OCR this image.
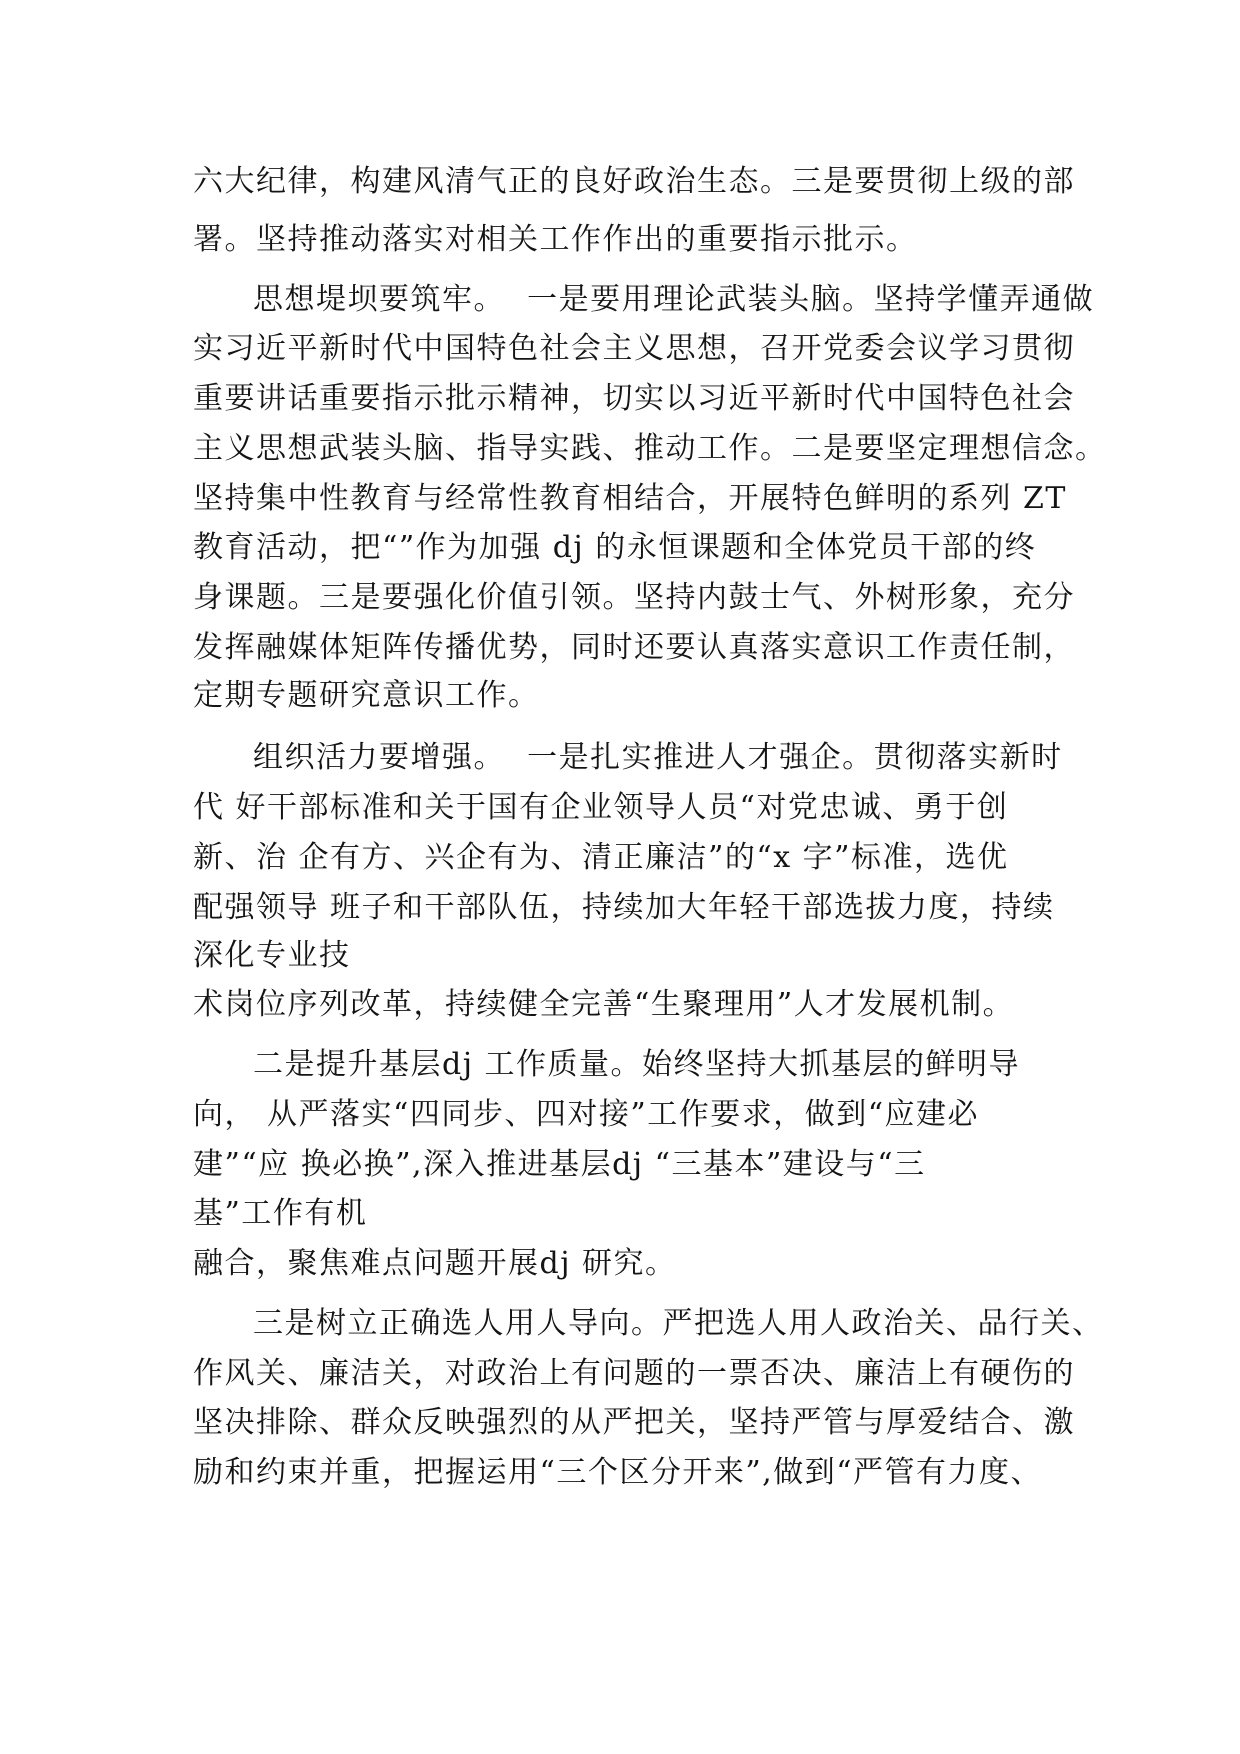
六大纪律，构建风清气正的良好政治生态。三是要贯彻上级的部
署。坚持推动落实对相关工作作出的重要指示批示。
思想堤坝要筑牢。  一是要用理论武装头脑。坚持学懂弄通做
实习近平新时代中国特色社会主义思想，召开党委会议学习贯彻
重要讲话重要指示批示精神，切实以习近平新时代中国特色社会
主义思想武装头脑、指导实践、推动工作。二是要坚定理想信念。
坚持集中性教育与经常性教育相结合，开展特色鲜明的系列 ZT
教育活动，把“”作为加强 dj 的永恒课题和全体党员干部的终
身课题。三是要强化价值引领。坚持内鼓士气、外树形象，充分
发挥融媒体矩阵传播优势，同时还要认真落实意识工作责任制，
定期专题研究意识工作。
组织活力要增强。  一是扎实推进人才强企。贯彻落实新时
代 好干部标准和关于国有企业领导人员“对党忠诚、勇于创
新、治 企有方、兴企有为、清正廉洁”的“x 字”标准，选优
配强领导 班子和干部队伍，持续加大年轻干部选拔力度，持续
深化专业技
术岗位序列改革，持续健全完善“生聚理用”人才发展机制。
二是提升基层dj 工作质量。始终坚持大抓基层的鲜明导
向， 从严落实“四同步、四对接”工作要求，做到“应建必
建”“应 换必换”,深入推进基层dj “三基本”建设与“三
基”工作有机
融合，聚焦难点问题开展dj 研究。
三是树立正确选人用人导向。严把选人用人政治关、品行关、
作风关、廉洁关，对政治上有问题的一票否决、廉洁上有硬伤的
坚决排除、群众反映强烈的从严把关，坚持严管与厚爱结合、激
励和约束并重，把握运用“三个区分开来”,做到“严管有力度、
